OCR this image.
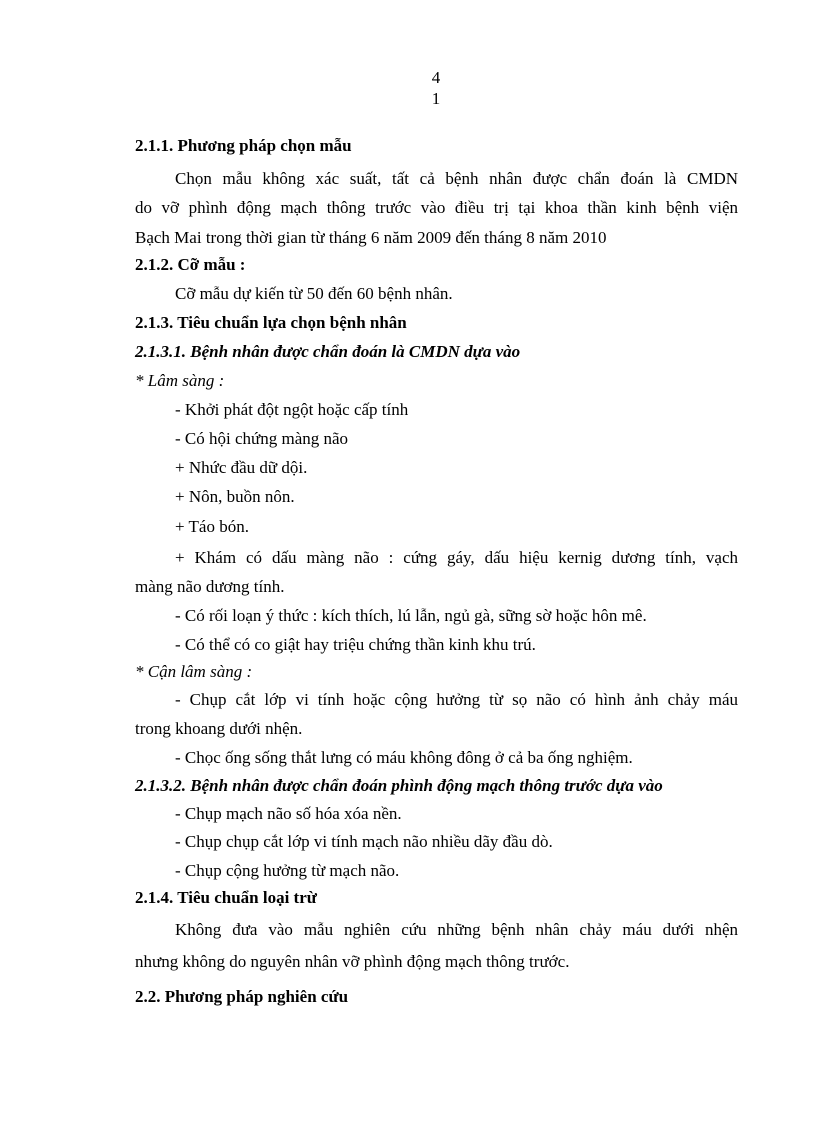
4
1
2.1.1. Phương pháp chọn mẫu
Chọn mẫu không xác suất, tất cả bệnh nhân được chẩn đoán là CMDN
do vỡ phình động mạch thông trước vào điều trị tại khoa thần kinh bệnh viện
Bạch Mai trong thời gian từ tháng 6 năm 2009 đến tháng 8 năm 2010
2.1.2. Cỡ mẫu :
Cỡ mẫu dự kiến từ 50 đến 60 bệnh nhân.
2.1.3. Tiêu chuẩn lựa chọn bệnh nhân
2.1.3.1. Bệnh nhân được chẩn đoán là CMDN dựa vào
* Lâm sàng :
- Khởi phát đột ngột hoặc cấp tính
- Có hội chứng màng não
+ Nhức đầu dữ dội.
+ Nôn, buồn nôn.
+ Táo bón.
+ Khám có dấu màng não : cứng gáy, dấu hiệu kernig dương tính, vạch
màng não dương tính.
- Có rối loạn ý thức : kích thích, lú lẫn, ngủ gà, sững sờ hoặc hôn mê.
- Có thể có co giật hay triệu chứng thần kinh khu trú.
* Cận lâm sàng :
- Chụp cắt lớp vi tính hoặc cộng hưởng từ sọ não có hình ảnh chảy máu
trong khoang dưới nhện.
- Chọc ống sống thắt lưng có máu không đông ở cả ba ống nghiệm.
2.1.3.2. Bệnh nhân được chẩn đoán phình động mạch thông trước dựa vào
- Chụp mạch não số hóa xóa nền.
- Chụp chụp cắt lớp vi tính mạch não nhiều dãy đầu dò.
- Chụp cộng hưởng từ mạch não.
2.1.4. Tiêu chuẩn loại trừ
Không đưa vào mẫu nghiên cứu những bệnh nhân chảy máu dưới nhện
nhưng không do nguyên nhân vỡ phình động mạch thông trước.
2.2. Phương pháp nghiên cứu
